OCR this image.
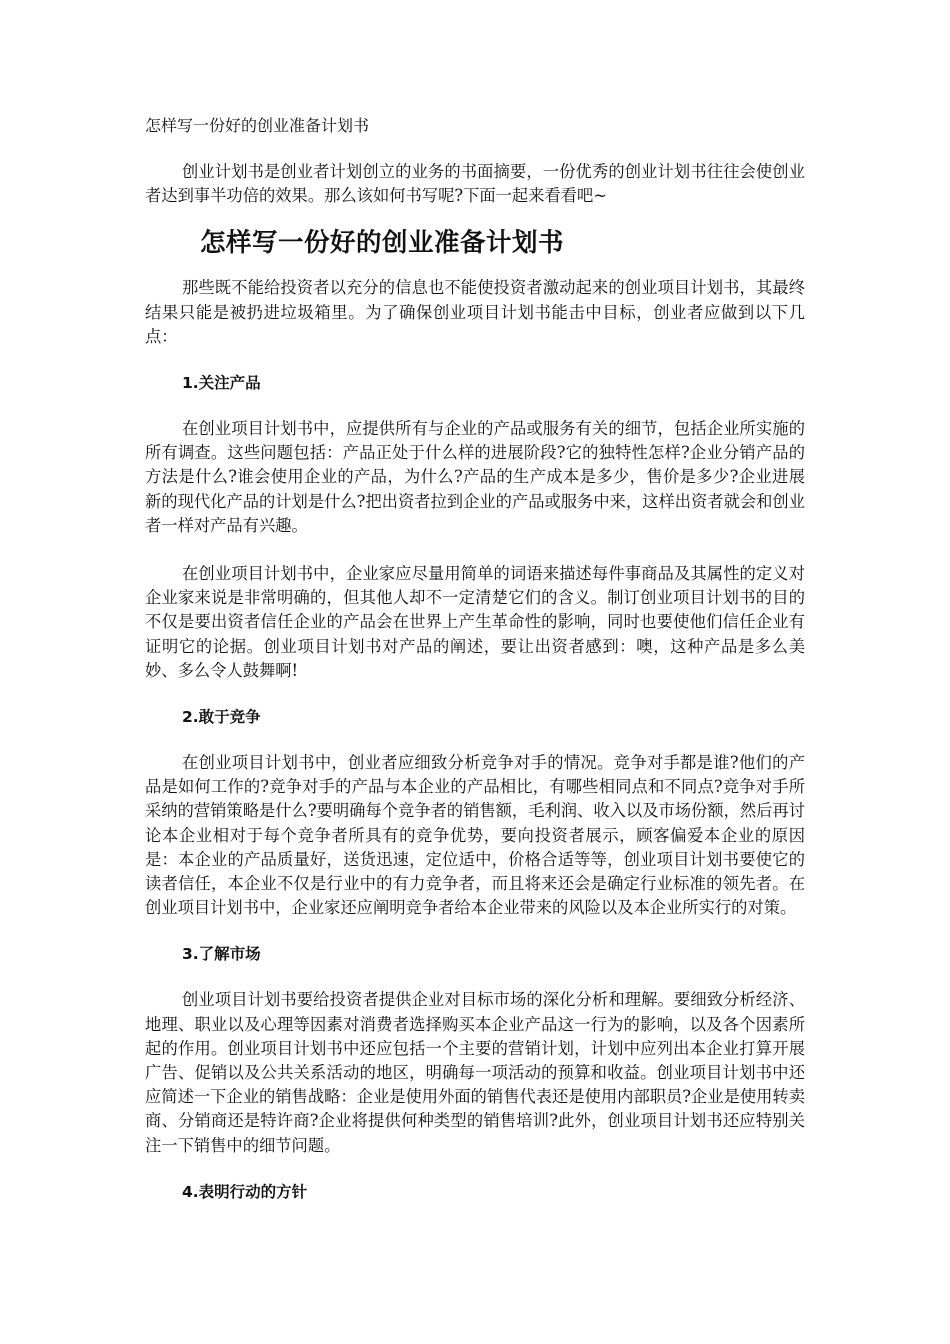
怎样写一份好的创业准备计划书

创业计划书是创业者计划创立的业务的书面摘要，一份优秀的创业计划书往往会使创业者达到事半功倍的效果。那么该如何书写呢?下面一起来看看吧~

怎样写一份好的创业准备计划书

那些既不能给投资者以充分的信息也不能使投资者激动起来的创业项目计划书，其最终结果只能是被扔进垃圾箱里。为了确保创业项目计划书能击中目标，创业者应做到以下几点：

1.关注产品

在创业项目计划书中，应提供所有与企业的产品或服务有关的细节，包括企业所实施的所有调查。这些问题包括：产品正处于什么样的进展阶段?它的独特性怎样?企业分销产品的方法是什么?谁会使用企业的产品，为什么?产品的生产成本是多少，售价是多少?企业进展新的现代化产品的计划是什么?把出资者拉到企业的产品或服务中来，这样出资者就会和创业者一样对产品有兴趣。

在创业项目计划书中，企业家应尽量用简单的词语来描述每件事商品及其属性的定义对企业家来说是非常明确的，但其他人却不一定清楚它们的含义。制订创业项目计划书的目的不仅是要出资者信任企业的产品会在世界上产生革命性的影响，同时也要使他们信任企业有证明它的论据。创业项目计划书对产品的阐述，要让出资者感到：噢，这种产品是多么美妙、多么令人鼓舞啊!

2.敢于竞争

在创业项目计划书中，创业者应细致分析竞争对手的情况。竞争对手都是谁?他们的产品是如何工作的?竞争对手的产品与本企业的产品相比，有哪些相同点和不同点?竞争对手所采纳的营销策略是什么?要明确每个竞争者的销售额，毛利润、收入以及市场份额，然后再讨论本企业相对于每个竞争者所具有的竞争优势，要向投资者展示，顾客偏爱本企业的原因是：本企业的产品质量好，送货迅速，定位适中，价格合适等等，创业项目计划书要使它的读者信任，本企业不仅是行业中的有力竞争者，而且将来还会是确定行业标准的领先者。在创业项目计划书中，企业家还应阐明竞争者给本企业带来的风险以及本企业所实行的对策。

3.了解市场

创业项目计划书要给投资者提供企业对目标市场的深化分析和理解。要细致分析经济、地理、职业以及心理等因素对消费者选择购买本企业产品这一行为的影响，以及各个因素所起的作用。创业项目计划书中还应包括一个主要的营销计划，计划中应列出本企业打算开展广告、促销以及公共关系活动的地区，明确每一项活动的预算和收益。创业项目计划书中还应简述一下企业的销售战略：企业是使用外面的销售代表还是使用内部职员?企业是使用转卖商、分销商还是特许商?企业将提供何种类型的销售培训?此外，创业项目计划书还应特别关注一下销售中的细节问题。

4.表明行动的方针
